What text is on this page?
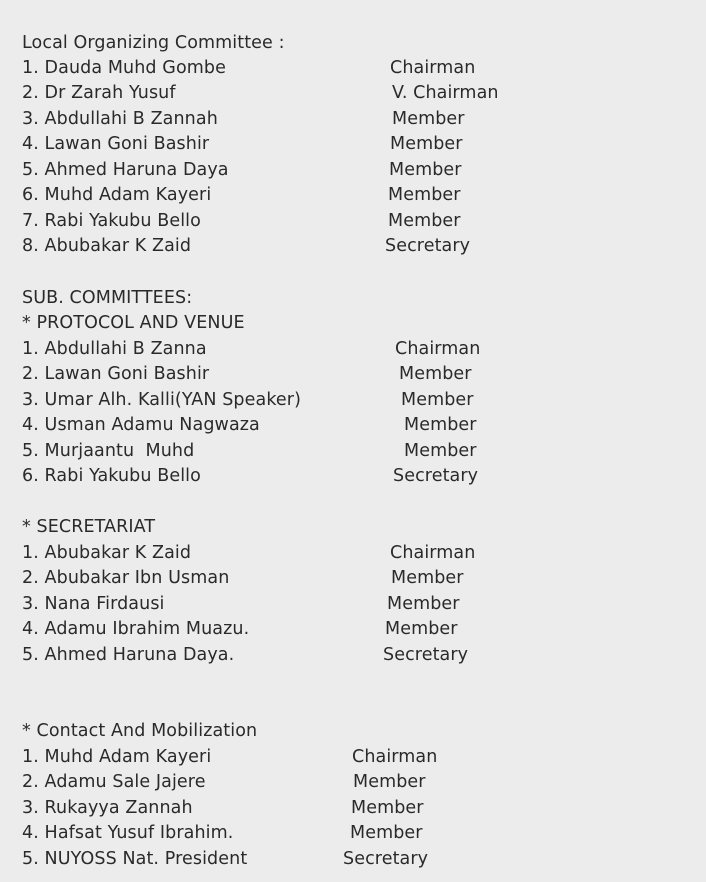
Local Organizing Committee :
1. Dauda Muhd Gombe	Chairman
2. Dr Zarah Yusuf	V. Chairman
3. Abdullahi B Zannah	Member
4. Lawan Goni Bashir	Member
5. Ahmed Haruna Daya	Member
6. Muhd Adam Kayeri	Member
7. Rabi Yakubu Bello	Member
8. Abubakar K Zaid	Secretary
SUB. COMMITTEES:
* PROTOCOL AND VENUE
1. Abdullahi B Zanna	Chairman
2. Lawan Goni Bashir	Member
3. Umar Alh. Kalli(YAN Speaker)	Member
4. Usman Adamu Nagwaza	Member
5. Murjaantu  Muhd	Member
6. Rabi Yakubu Bello	Secretary
* SECRETARIAT
1. Abubakar K Zaid	Chairman
2. Abubakar Ibn Usman	Member
3. Nana Firdausi	Member
4. Adamu Ibrahim Muazu.	Member
5. Ahmed Haruna Daya.	Secretary
* Contact And Mobilization
1. Muhd Adam Kayeri	Chairman
2. Adamu Sale Jajere	Member
3. Rukayya Zannah	Member
4. Hafsat Yusuf Ibrahim.	Member
5. NUYOSS Nat. President	Secretary
